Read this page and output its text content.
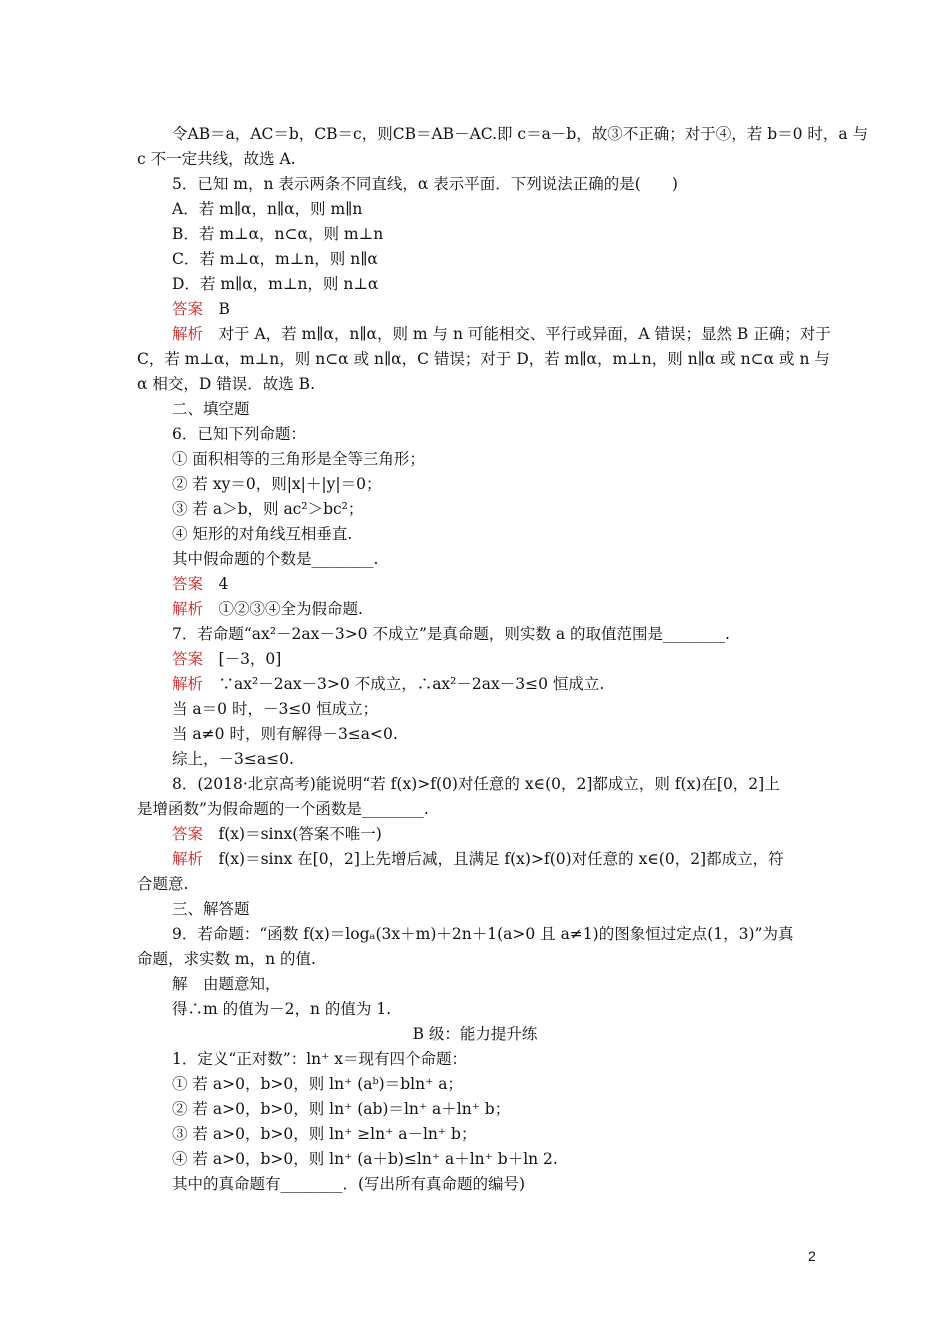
令AB＝a，AC＝b，CB＝c，则CB＝AB－AC.即 c＝a－b，故③不正确；对于④，若 b＝0 时，a 与
c 不一定共线，故选 A.
5．已知 m，n 表示两条不同直线，α 表示平面．下列说法正确的是(　　)
A．若 m∥α，n∥α，则 m∥n
B．若 m⊥α，n⊂α，则 m⊥n
C．若 m⊥α，m⊥n，则 n∥α
D．若 m∥α，m⊥n，则 n⊥α
答案　B
解析　对于 A，若 m∥α，n∥α，则 m 与 n 可能相交、平行或异面，A 错误；显然 B 正确；对于
C，若 m⊥α，m⊥n，则 n⊂α 或 n∥α，C 错误；对于 D，若 m∥α，m⊥n，则 n∥α 或 n⊂α 或 n 与
α 相交，D 错误．故选 B.
二、填空题
6．已知下列命题：
① 面积相等的三角形是全等三角形；
② 若 xy＝0，则|x|＋|y|＝0；
③ 若 a＞b，则 ac²＞bc²；
④ 矩形的对角线互相垂直.
其中假命题的个数是________.
答案　4
解析　①②③④全为假命题.
7．若命题“ax²－2ax－3>0 不成立”是真命题，则实数 a 的取值范围是________.
答案　[－3，0]
解析　∵ax²－2ax－3>0 不成立，∴ax²－2ax－3≤0 恒成立.
当 a＝0 时，－3≤0 恒成立；
当 a≠0 时，则有解得－3≤a<0.
综上，－3≤a≤0.
8．(2018·北京高考)能说明“若 f(x)>f(0)对任意的 x∈(0，2]都成立，则 f(x)在[0，2]上
是增函数”为假命题的一个函数是________.
答案　f(x)＝sinx(答案不唯一)
解析　f(x)＝sinx 在[0，2]上先增后减，且满足 f(x)>f(0)对任意的 x∈(0，2]都成立，符
合题意.
三、解答题
9．若命题：“函数 f(x)＝logₐ(3x＋m)＋2n＋1(a>0 且 a≠1)的图象恒过定点(1，3)”为真
命题，求实数 m，n 的值.
解　由题意知，
得∴m 的值为－2，n 的值为 1.
B 级：能力提升练
1．定义“正对数”：ln⁺ x＝现有四个命题：
① 若 a>0，b>0，则 ln⁺ (aᵇ)＝bln⁺ a；
② 若 a>0，b>0，则 ln⁺ (ab)＝ln⁺ a＋ln⁺ b；
③ 若 a>0，b>0，则 ln⁺ ≥ln⁺ a－ln⁺ b；
④ 若 a>0，b>0，则 ln⁺ (a＋b)≤ln⁺ a＋ln⁺ b＋ln 2.
其中的真命题有________．(写出所有真命题的编号)
2
